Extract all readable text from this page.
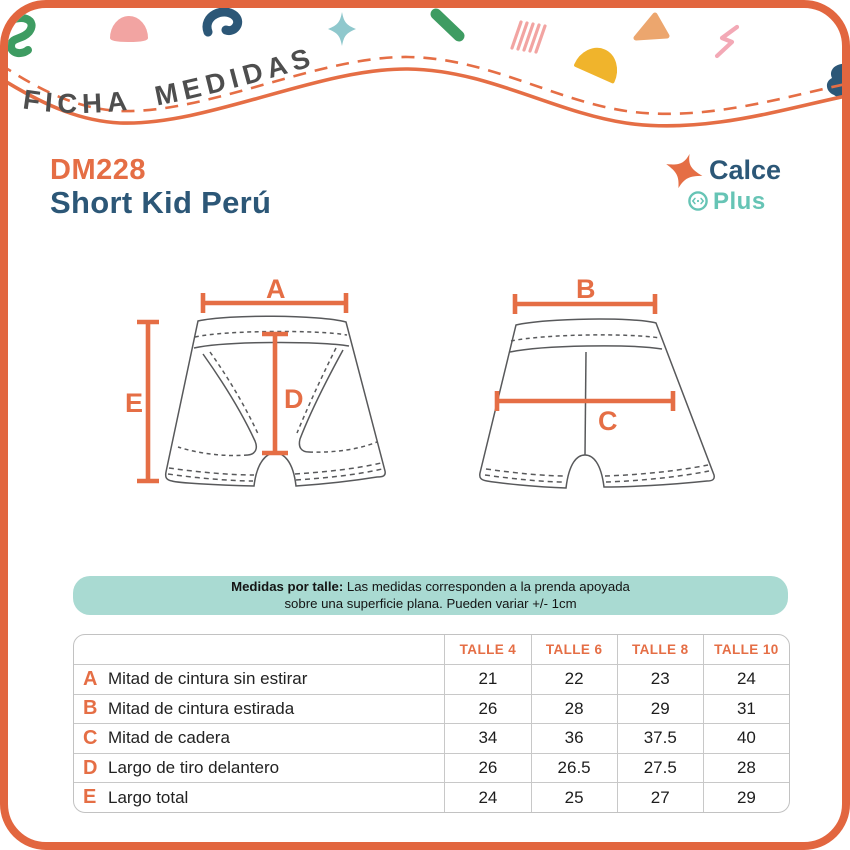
FICHA MEDIDAS
DM228
Short Kid Perú
Calce
Plus
A	B
C
D
E
Medidas por talle: Las medidas corresponden a la prenda apoyada
sobre una superficie plana. Pueden variar +/- 1cm
TALLE 4	TALLE 6	TALLE 8	TALLE 10
A Mitad de cintura sin estirar	21	22	23	24
B Mitad de cintura estirada	26	28	29	31
C Mitad de cadera	34	36	37.5	40
D Largo de tiro delantero	26	26.5	27.5	28
E Largo total	24	25	27	29
